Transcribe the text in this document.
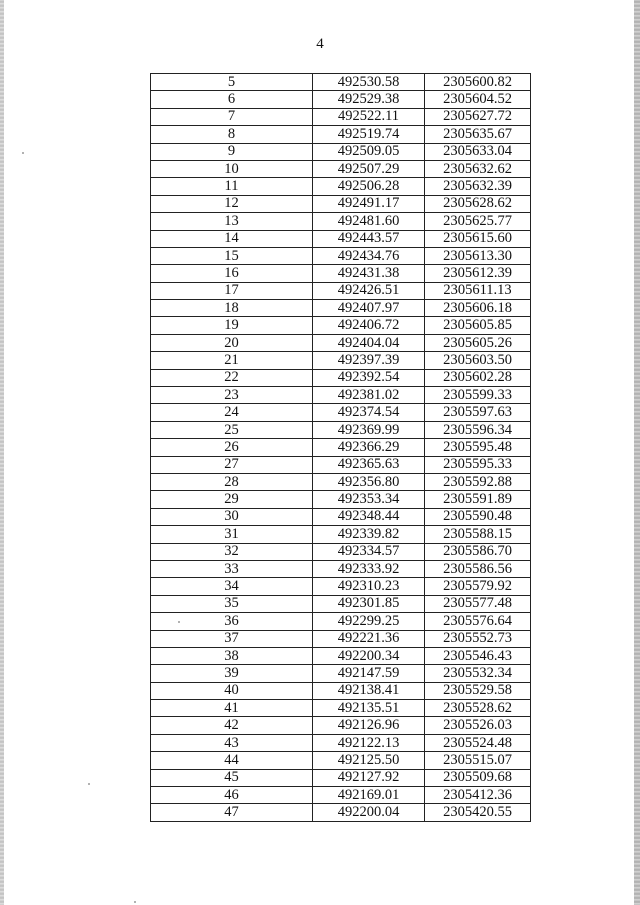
4
5	492530.58	2305600.82
6	492529.38	2305604.52
7	492522.11	2305627.72
8	492519.74	2305635.67
9	492509.05	2305633.04
10	492507.29	2305632.62
11	492506.28	2305632.39
12	492491.17	2305628.62
13	492481.60	2305625.77
14	492443.57	2305615.60
15	492434.76	2305613.30
16	492431.38	2305612.39
17	492426.51	2305611.13
18	492407.97	2305606.18
19	492406.72	2305605.85
20	492404.04	2305605.26
21	492397.39	2305603.50
22	492392.54	2305602.28
23	492381.02	2305599.33
24	492374.54	2305597.63
25	492369.99	2305596.34
26	492366.29	2305595.48
27	492365.63	2305595.33
28	492356.80	2305592.88
29	492353.34	2305591.89
30	492348.44	2305590.48
31	492339.82	2305588.15
32	492334.57	2305586.70
33	492333.92	2305586.56
34	492310.23	2305579.92
35	492301.85	2305577.48
36	492299.25	2305576.64
37	492221.36	2305552.73
38	492200.34	2305546.43
39	492147.59	2305532.34
40	492138.41	2305529.58
41	492135.51	2305528.62
42	492126.96	2305526.03
43	492122.13	2305524.48
44	492125.50	2305515.07
45	492127.92	2305509.68
46	492169.01	2305412.36
47	492200.04	2305420.55
